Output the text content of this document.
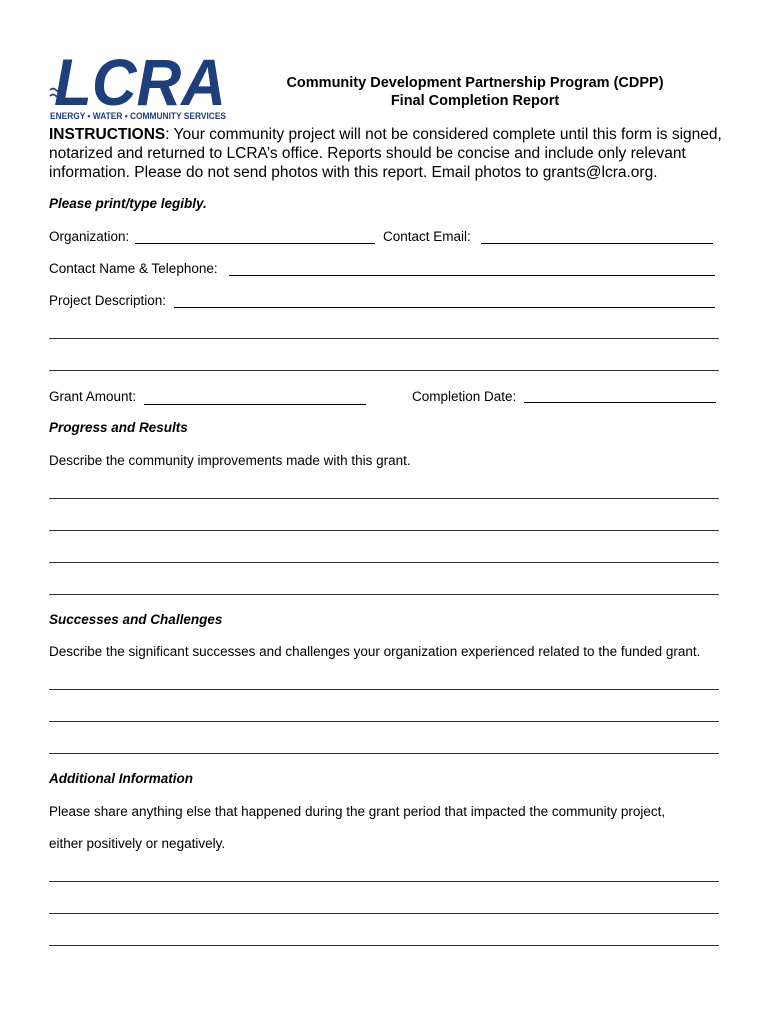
LCRA
ENERGY • WATER • COMMUNITY SERVICES
Community Development Partnership Program (CDPP)
Final Completion Report
INSTRUCTIONS: Your community project will not be considered complete until this form is signed, notarized and returned to LCRA’s office. Reports should be concise and include only relevant information. Please do not send photos with this report. Email photos to grants@lcra.org.
Please print/type legibly.
Organization:	Contact Email:
Contact Name & Telephone:
Project Description:
Grant Amount:	Completion Date:
Progress and Results
Describe the community improvements made with this grant.
Successes and Challenges
Describe the significant successes and challenges your organization experienced related to the funded grant.
Additional Information
Please share anything else that happened during the grant period that impacted the community project,
either positively or negatively.
